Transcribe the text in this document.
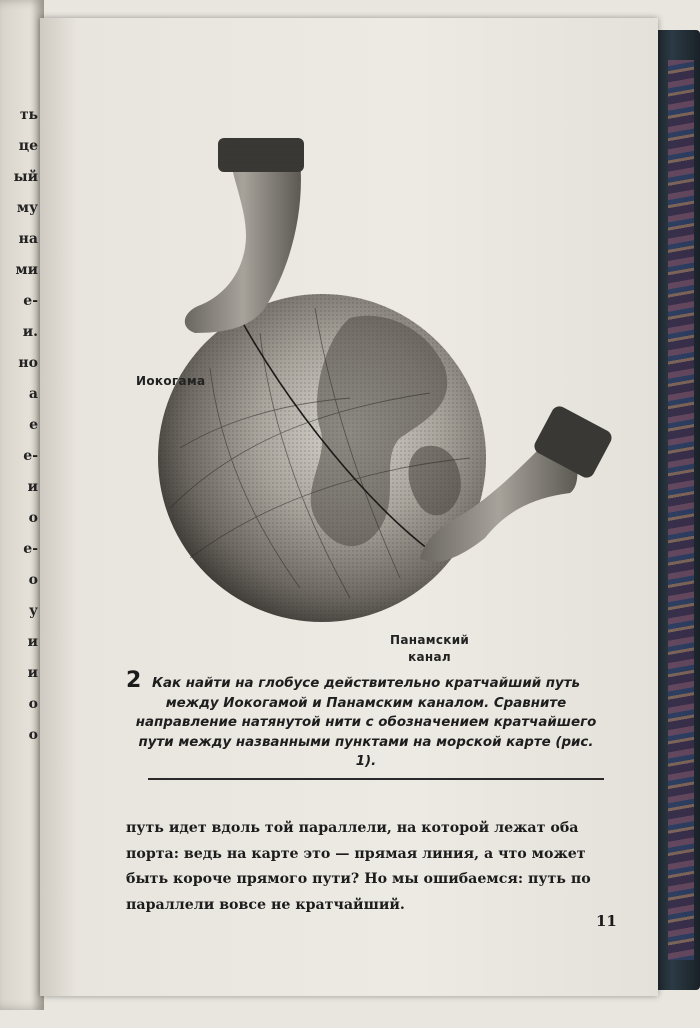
ть
це
ый
му
на
ми
е-
и.
но
а
е
е-
и
о
е-
о
у
и
и
о
о
Иокогама
Панамский
канал
2 Как найти на глобусе действительно кратчайший путь между Иокогамой и Панамским каналом. Сравните направление натянутой нити с обозначением кратчайшего пути между названными пунктами на морской карте (рис. 1).
путь идет вдоль той параллели, на которой лежат оба порта: ведь на карте это — прямая линия, а что может быть короче прямого пути? Но мы ошибаемся: путь по параллели вовсе не кратчайший.
11
